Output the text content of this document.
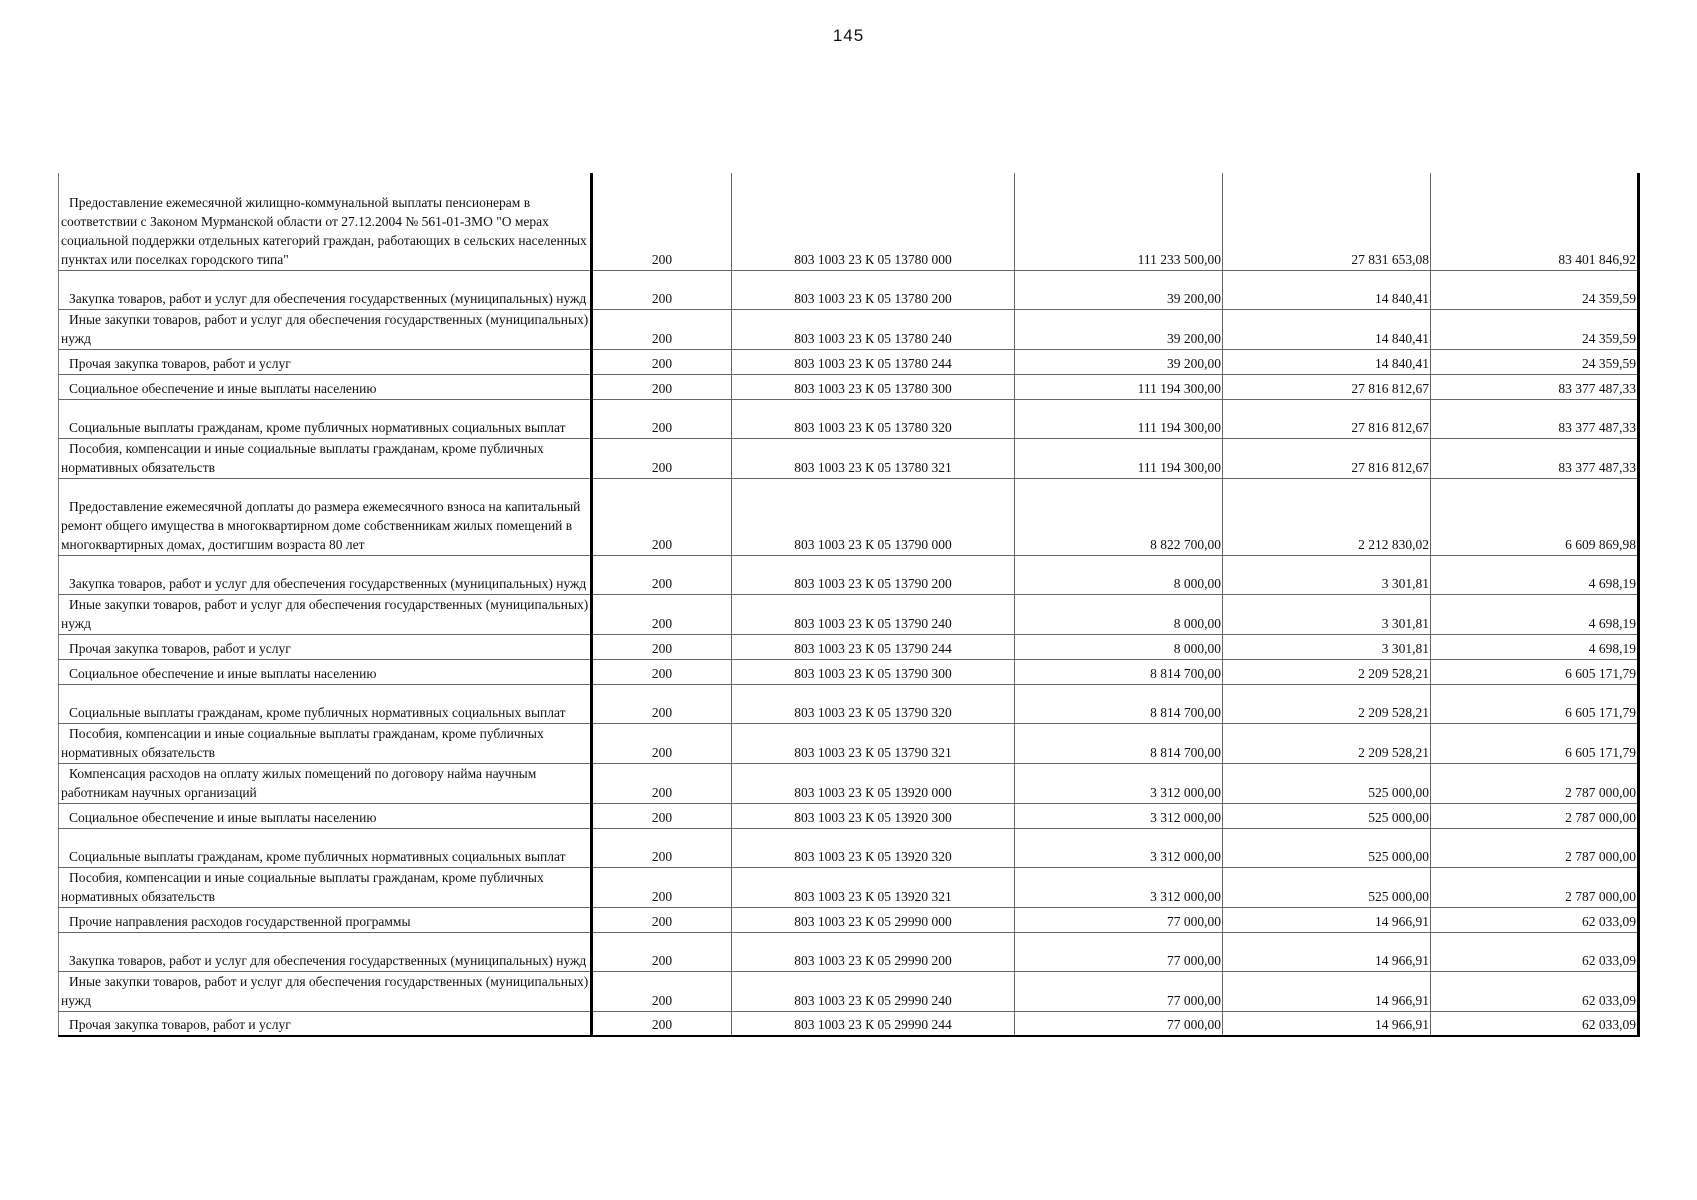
145
Предоставление ежемесячной жилищно-коммунальной выплаты пенсионерам в соответствии с Законом Мурманской области от 27.12.2004 № 561-01-ЗМО "О мерах социальной поддержки отдельных категорий граждан, работающих в сельских населенных пунктах или поселках городского типа"	200	803 1003 23 К 05 13780 000	111 233 500,00	27 831 653,08	83 401 846,92

Закупка товаров, работ и услуг для обеспечения государственных (муниципальных) нужд	200	803 1003 23 К 05 13780 200	39 200,00	14 840,41	24 359,59

Иные закупки товаров, работ и услуг для обеспечения государственных (муниципальных) нужд	200	803 1003 23 К 05 13780 240	39 200,00	14 840,41	24 359,59

Прочая закупка товаров, работ и услуг	200	803 1003 23 К 05 13780 244	39 200,00	14 840,41	24 359,59

Социальное обеспечение и иные выплаты населению	200	803 1003 23 К 05 13780 300	111 194 300,00	27 816 812,67	83 377 487,33

Социальные выплаты гражданам, кроме публичных нормативных социальных выплат	200	803 1003 23 К 05 13780 320	111 194 300,00	27 816 812,67	83 377 487,33

Пособия, компенсации и иные социальные выплаты гражданам, кроме публичных нормативных обязательств	200	803 1003 23 К 05 13780 321	111 194 300,00	27 816 812,67	83 377 487,33

Предоставление ежемесячной доплаты до размера ежемесячного взноса на капитальный ремонт общего имущества в многоквартирном доме собственникам жилых помещений в многоквартирных домах, достигшим возраста 80 лет	200	803 1003 23 К 05 13790 000	8 822 700,00	2 212 830,02	6 609 869,98

Закупка товаров, работ и услуг для обеспечения государственных (муниципальных) нужд	200	803 1003 23 К 05 13790 200	8 000,00	3 301,81	4 698,19

Иные закупки товаров, работ и услуг для обеспечения государственных (муниципальных) нужд	200	803 1003 23 К 05 13790 240	8 000,00	3 301,81	4 698,19

Прочая закупка товаров, работ и услуг	200	803 1003 23 К 05 13790 244	8 000,00	3 301,81	4 698,19

Социальное обеспечение и иные выплаты населению	200	803 1003 23 К 05 13790 300	8 814 700,00	2 209 528,21	6 605 171,79

Социальные выплаты гражданам, кроме публичных нормативных социальных выплат	200	803 1003 23 К 05 13790 320	8 814 700,00	2 209 528,21	6 605 171,79

Пособия, компенсации и иные социальные выплаты гражданам, кроме публичных нормативных обязательств	200	803 1003 23 К 05 13790 321	8 814 700,00	2 209 528,21	6 605 171,79

Компенсация расходов на оплату жилых помещений по договору найма научным работникам научных организаций	200	803 1003 23 К 05 13920 000	3 312 000,00	525 000,00	2 787 000,00

Социальное обеспечение и иные выплаты населению	200	803 1003 23 К 05 13920 300	3 312 000,00	525 000,00	2 787 000,00

Социальные выплаты гражданам, кроме публичных нормативных социальных выплат	200	803 1003 23 К 05 13920 320	3 312 000,00	525 000,00	2 787 000,00

Пособия, компенсации и иные социальные выплаты гражданам, кроме публичных нормативных обязательств	200	803 1003 23 К 05 13920 321	3 312 000,00	525 000,00	2 787 000,00

Прочие направления расходов государственной программы	200	803 1003 23 К 05 29990 000	77 000,00	14 966,91	62 033,09

Закупка товаров, работ и услуг для обеспечения государственных (муниципальных) нужд	200	803 1003 23 К 05 29990 200	77 000,00	14 966,91	62 033,09

Иные закупки товаров, работ и услуг для обеспечения государственных (муниципальных) нужд	200	803 1003 23 К 05 29990 240	77 000,00	14 966,91	62 033,09

Прочая закупка товаров, работ и услуг	200	803 1003 23 К 05 29990 244	77 000,00	14 966,91	62 033,09
